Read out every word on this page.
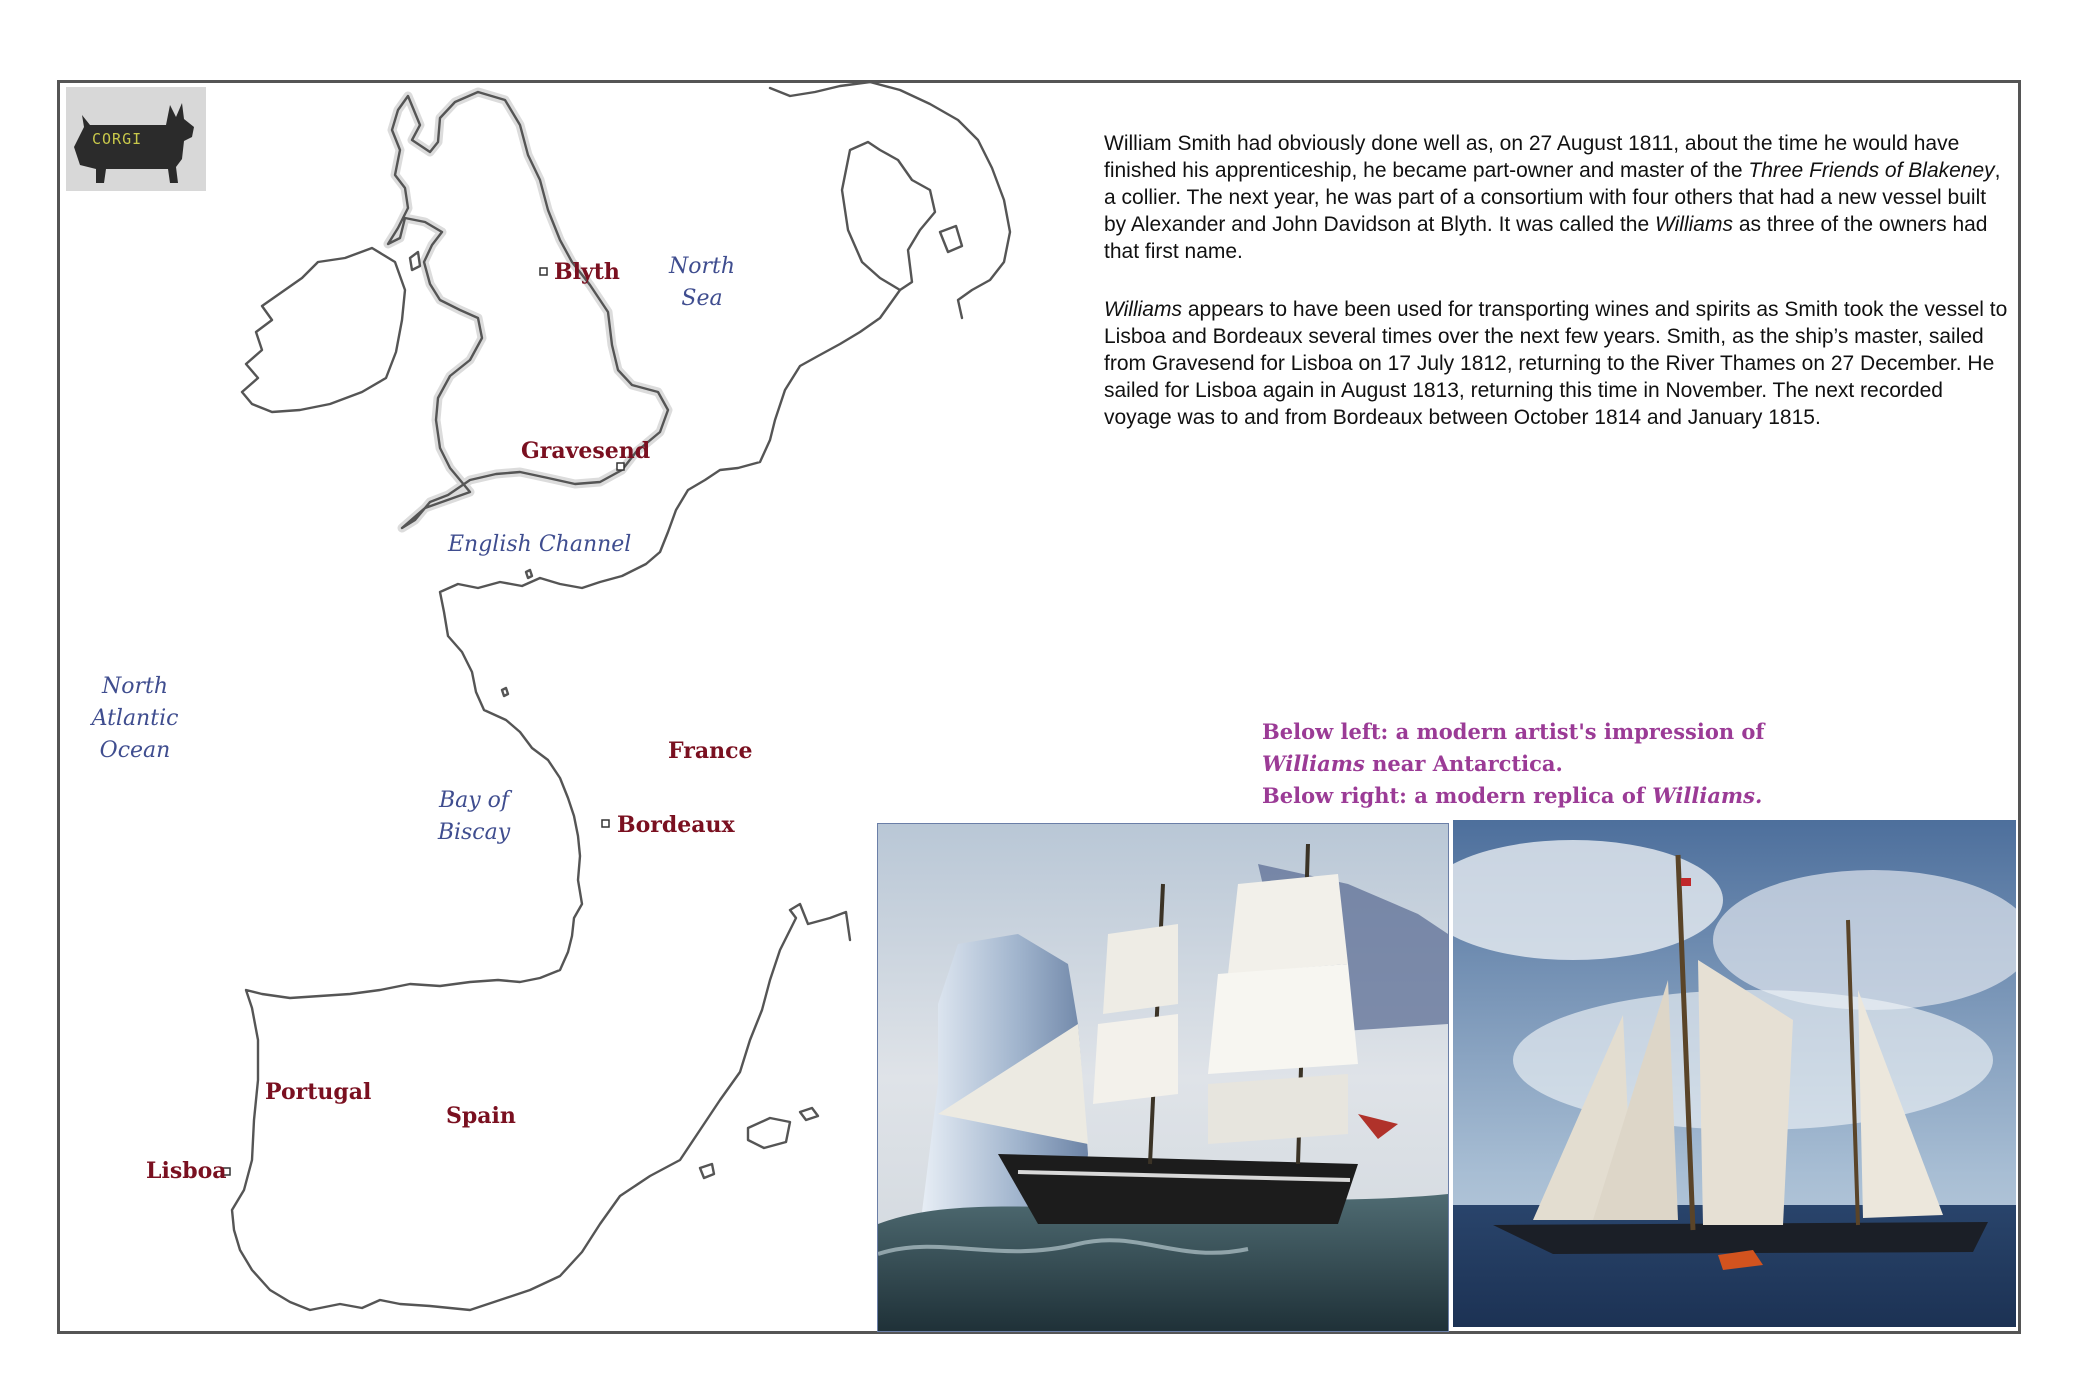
CORGI
Blyth
Gravesend
France
Bordeaux
Portugal
Spain
Lisboa
North
Sea
English Channel
North
Atlantic
Ocean
Bay of
Biscay

William Smith had obviously done well as, on 27 August 1811, about the time he would have finished his apprenticeship, he became part-owner and master of the Three Friends of Blakeney, a collier. The next year, he was part of a consortium with four others that had a new vessel built by Alexander and John Davidson at Blyth. It was called the Williams as three of the owners had that first name.

Williams appears to have been used for transporting wines and spirits as Smith took the vessel to Lisboa and Bordeaux several times over the next few years. Smith, as the ship’s master, sailed from Gravesend for Lisboa on 17 July 1812, returning to the River Thames on 27 December. He sailed for Lisboa again in August 1813, returning this time in November. The next recorded voyage was to and from Bordeaux between October 1814 and January 1815.

Below left: a modern artist's impression of
Williams near Antarctica.
Below right: a modern replica of Williams.
